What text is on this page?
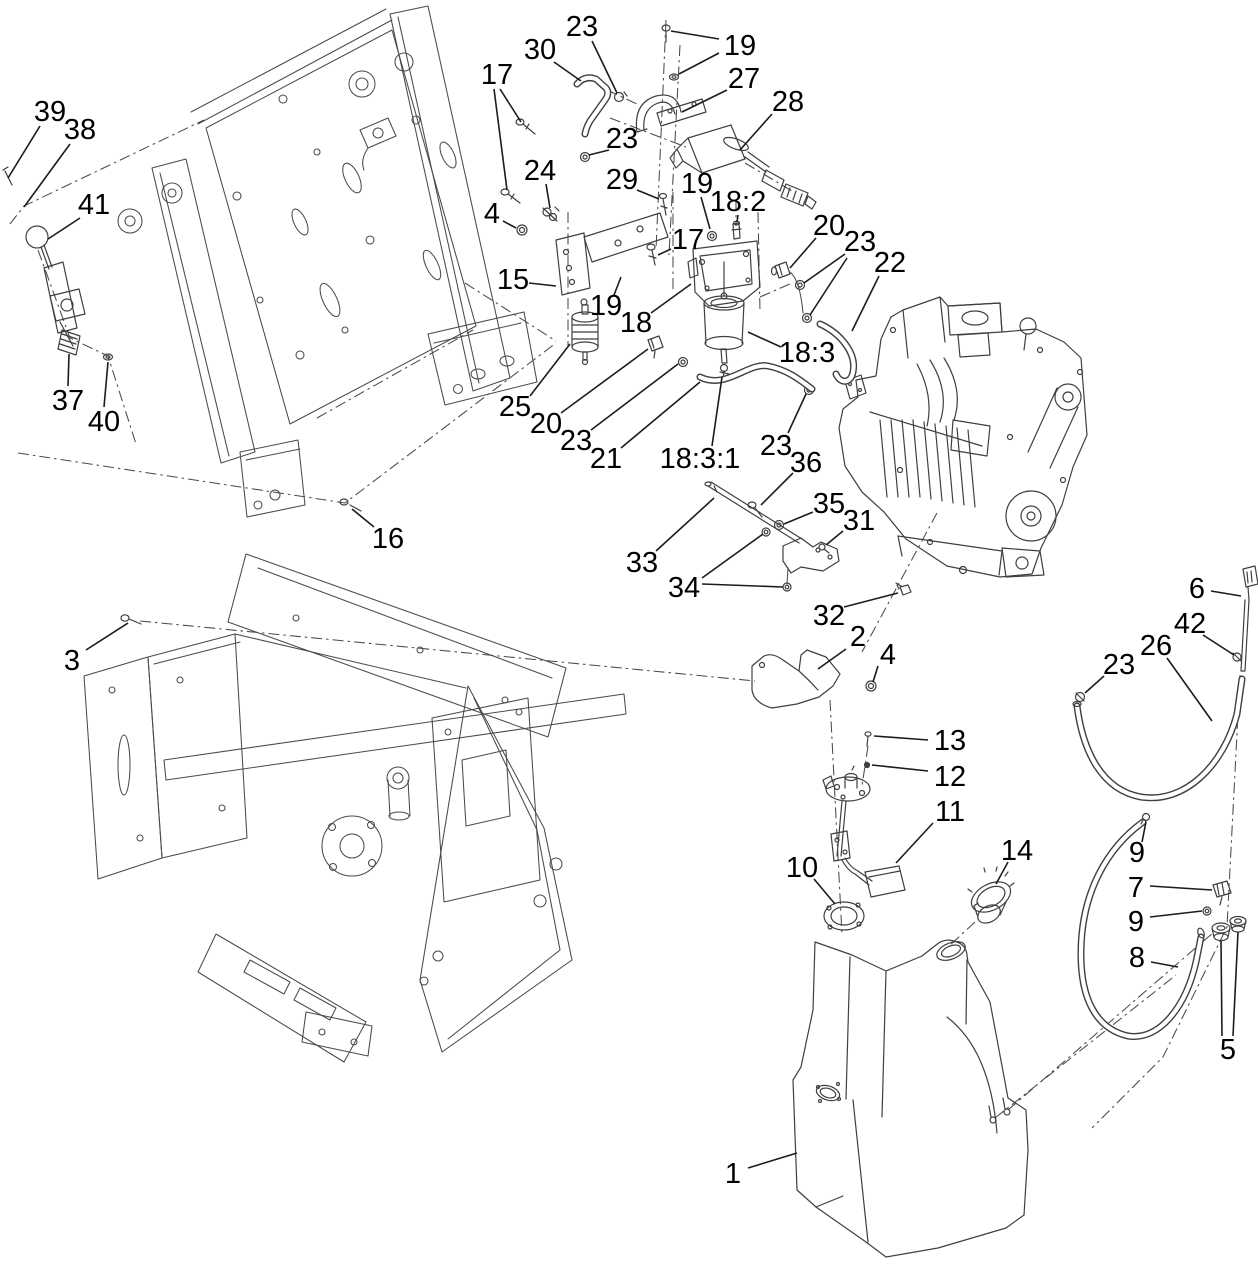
39
38
41
37
40
16
3
30
23
19
27
28
17
23
24 29 19
18:2
4	20
23
22
15
17
19
18
18:3
25
20
23
21 18:3:1 23
36
35
31
33
34
32
2
4
13
12
11
10
14
1
6
42
26
23
9
7
9
8
5
